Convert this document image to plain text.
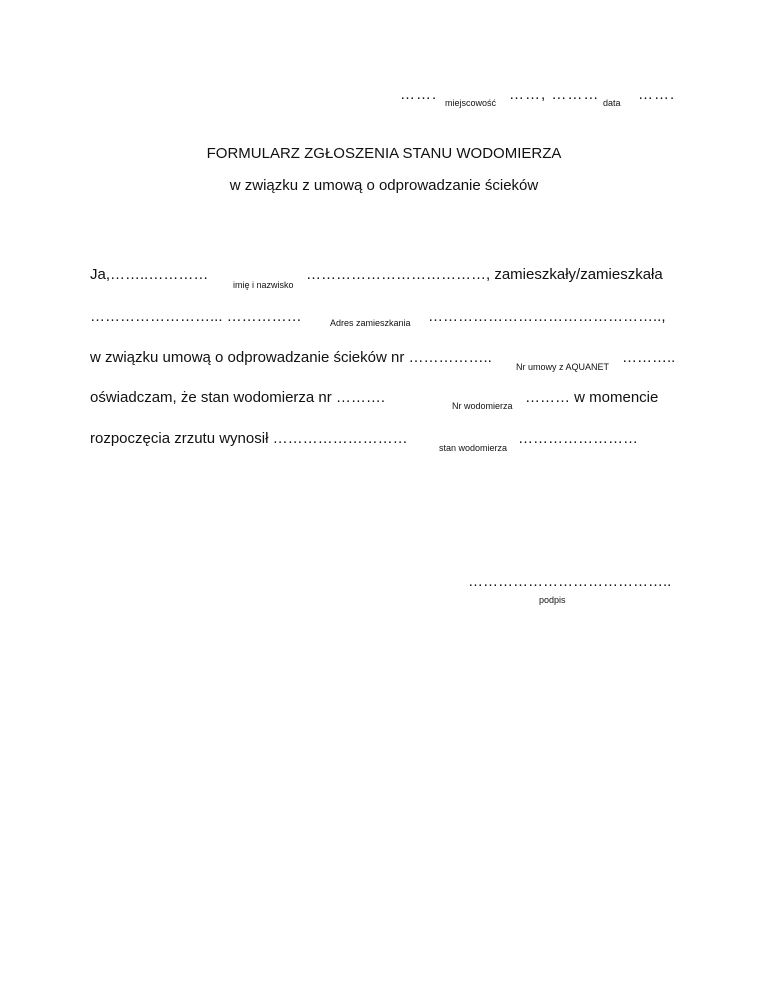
……. miejscowość ……, ……… data …….
FORMULARZ ZGŁOSZENIA STANU WODOMIERZA
w związku z umową o odprowadzanie ścieków
Ja,……..…………
imię i nazwisko
………………………………, zamieszkały/zamieszkała
……………………... ……………	Adres zamieszkania ………………………………………..,
w związku umową o odprowadzanie ścieków nr ……………..
Nr umowy z AQUANET
………..
oświadczam, że stan wodomierza nr ……….	Nr wodomierza ……… w momencie
rozpoczęcia zrzutu wynosił ………………………
stan wodomierza
……………………
…………………………………..
podpis
